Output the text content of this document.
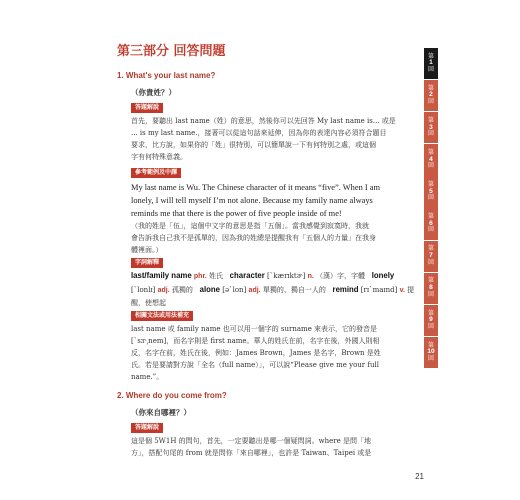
第三部分 回答問題
1. What's your last name?
（你貴姓？）
答題解說
首先，要聽出 last name（姓）的意思，然後你可以先回答 My last name is... 或是
... is my last name.，接著可以從這句話來延伸，因為你的表達內容必須符合題目
要求，比方說，如果你的「姓」很特別，可以簡單說一下有何特別之處，或這個
字有何特殊意義。
參考範例及中譯
My last name is Wu. The Chinese character of it means “five”. When I am
lonely, I will tell myself I’m not alone. Because my family name always
reminds me that there is the power of five people inside of me!
（我的姓是「伍」，這個中文字的意思是指「五個」。當我感覺到寂寞時，我就
會告訴我自己我不是孤單的，因為我的姓總是提醒我有「五個人的力量」在我身
體裡面。）
字詞解釋
last/family name phr. 姓氏 character [ˋkærɪktɚ] n. （漢）字，字體 lonely
[ˋlonlɪ] adj. 孤獨的 alone [əˋlon] adj. 單獨的、獨自一人的 remind [rɪˋmaɪnd] v. 提
醒，使想起
相關文法或用法補充
last name 或 family name 也可以用一個字的 surname 來表示，它的發音是
[ˋsɝ͵nem]，而名字則是 first name。華人的姓氏在前，名字在後，外國人則相
反，名字在前，姓氏在後，例如：James Brown，James 是名字，Brown 是姓
氏。若是要請對方說「全名（full name）」，可以說“Please give me your full
name.”。
2. Where do you come from?
（你來自哪裡？）
答題解說
這是個 5W1H 的問句，首先，一定要聽出是哪一個疑問詞。where 是問「地
方」，搭配句尾的 from 就是問你「來自哪裡」，也許是 Taiwan、Taipei 或是
21
第
1
回
第
2
回
第
3
回
第
4
回
第
5
回
第
6
回
第
7
回
第
8
回
第
9
回
第
10
回
